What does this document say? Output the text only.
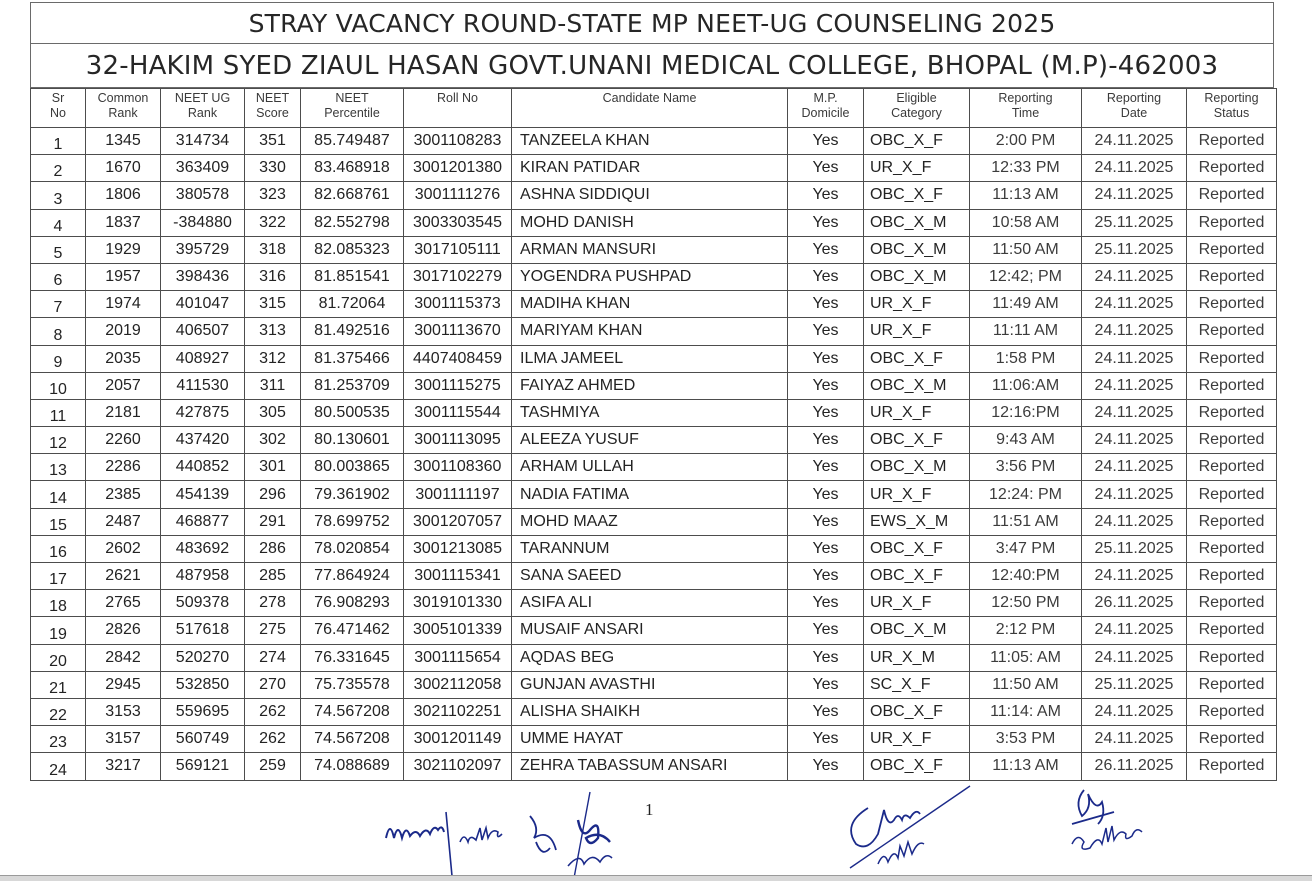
STRAY VACANCY ROUND-STATE MP NEET-UG COUNSELING 2025
32-HAKIM SYED ZIAUL HASAN GOVT.UNANI MEDICAL COLLEGE, BHOPAL (M.P)-462003
Sr
No

Common
Rank

NEET UG
Rank

NEET
Score

NEET
Percentile

Roll No	Candidate Name	M.P.
Domicile

Eligible
Category

Reporting
Time

Reporting
Date

Reporting
Status

1	1345	314734	351	85.749487	3001108283	TANZEELA KHAN	Yes	OBC_X_F	2:00 PM	24.11.2025	Reported
2	1670	363409	330	83.468918	3001201380	KIRAN PATIDAR	Yes	UR_X_F	12:33 PM	24.11.2025	Reported
3	1806	380578	323	82.668761	3001111276	ASHNA SIDDIQUI	Yes	OBC_X_F	11:13 AM	24.11.2025	Reported
4	1837	-384880	322	82.552798	3003303545	MOHD DANISH	Yes	OBC_X_M	10:58 AM	25.11.2025	Reported
5	1929	395729	318	82.085323	3017105111	ARMAN MANSURI	Yes	OBC_X_M	11:50 AM	25.11.2025	Reported
6	1957	398436	316	81.851541	3017102279	YOGENDRA PUSHPAD	Yes	OBC_X_M	12:42; PM	24.11.2025	Reported
7	1974	401047	315	81.72064	3001115373	MADIHA KHAN	Yes	UR_X_F	11:49 AM	24.11.2025	Reported
8	2019	406507	313	81.492516	3001113670	MARIYAM KHAN	Yes	UR_X_F	11:11 AM	24.11.2025	Reported
9	2035	408927	312	81.375466	4407408459	ILMA JAMEEL	Yes	OBC_X_F	1:58 PM	24.11.2025	Reported
10	2057	411530	311	81.253709	3001115275	FAIYAZ AHMED	Yes	OBC_X_M	11:06:AM	24.11.2025	Reported
11	2181	427875	305	80.500535	3001115544	TASHMIYA	Yes	UR_X_F	12:16:PM	24.11.2025	Reported
12	2260	437420	302	80.130601	3001113095	ALEEZA YUSUF	Yes	OBC_X_F	9:43 AM	24.11.2025	Reported
13	2286	440852	301	80.003865	3001108360	ARHAM ULLAH	Yes	OBC_X_M	3:56 PM	24.11.2025	Reported
14	2385	454139	296	79.361902	3001111197	NADIA FATIMA	Yes	UR_X_F	12:24: PM	24.11.2025	Reported
15	2487	468877	291	78.699752	3001207057	MOHD MAAZ	Yes	EWS_X_M	11:51 AM	24.11.2025	Reported
16	2602	483692	286	78.020854	3001213085	TARANNUM	Yes	OBC_X_F	3:47 PM	25.11.2025	Reported
17	2621	487958	285	77.864924	3001115341	SANA SAEED	Yes	OBC_X_F	12:40:PM	24.11.2025	Reported
18	2765	509378	278	76.908293	3019101330	ASIFA ALI	Yes	UR_X_F	12:50 PM	26.11.2025	Reported
19	2826	517618	275	76.471462	3005101339	MUSAIF ANSARI	Yes	OBC_X_M	2:12 PM	24.11.2025	Reported
20	2842	520270	274	76.331645	3001115654	AQDAS BEG	Yes	UR_X_M	11:05: AM	24.11.2025	Reported
21	2945	532850	270	75.735578	3002112058	GUNJAN AVASTHI	Yes	SC_X_F	11:50 AM	25.11.2025	Reported
22	3153	559695	262	74.567208	3021102251	ALISHA SHAIKH	Yes	OBC_X_F	11:14: AM	24.11.2025	Reported
23	3157	560749	262	74.567208	3001201149	UMME HAYAT	Yes	UR_X_F	3:53 PM	24.11.2025	Reported
24	3217	569121	259	74.088689	3021102097	ZEHRA TABASSUM ANSARI	Yes	OBC_X_F	11:13 AM	26.11.2025	Reported
1
